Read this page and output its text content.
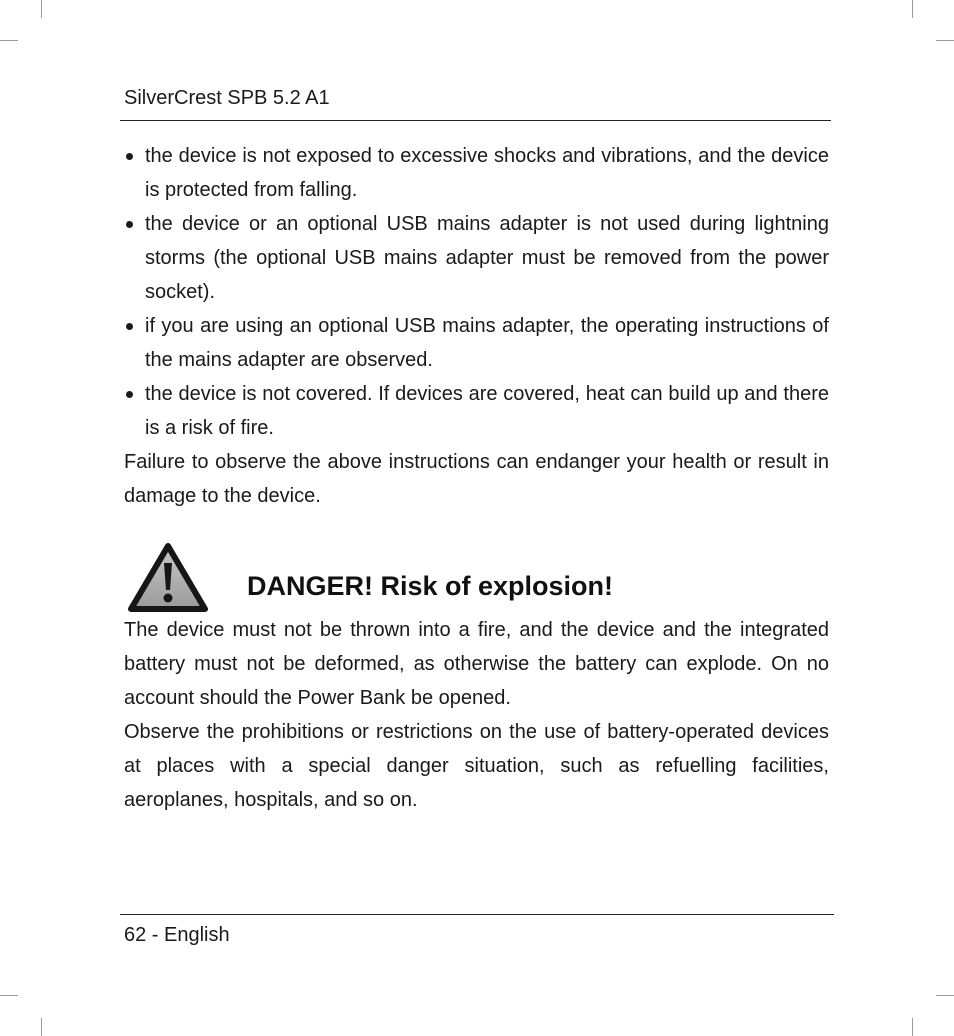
SilverCrest SPB 5.2 A1
the device is not exposed to excessive shocks and vibrations, and the device is protected from falling.
the device or an optional USB mains adapter is not used during lightning storms (the optional USB mains adapter must be removed from the power socket).
if you are using an optional USB mains adapter, the operating instructions of the mains adapter are observed.
the device is not covered. If devices are covered, heat can build up and there is a risk of fire.

Failure to observe the above instructions can endanger your health or result in damage to the device.

DANGER! Risk of explosion!

The device must not be thrown into a fire, and the device and the integrated battery must not be deformed, as otherwise the battery can explode. On no account should the Power Bank be opened.

Observe the prohibitions or restrictions on the use of battery-operated devices at places with a special danger situation, such as refuelling facilities, aeroplanes, hospitals, and so on.

62 - English
